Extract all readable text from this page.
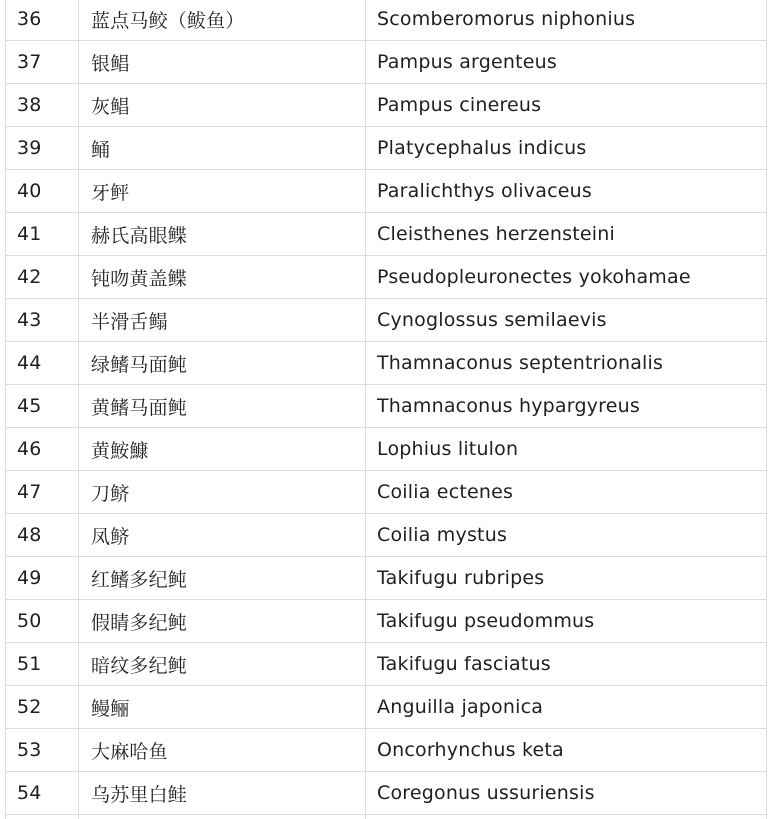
36	蓝点马鲛（鲅鱼）	Scomberomorus niphonius
37	银鲳	Pampus argenteus
38	灰鲳	Pampus cinereus
39	鲬	Platycephalus indicus
40	牙鲆	Paralichthys olivaceus
41	赫氏高眼鲽	Cleisthenes herzensteini
42	钝吻黄盖鲽	Pseudopleuronectes yokohamae
43	半滑舌鳎	Cynoglossus semilaevis
44	绿鳍马面鲀	Thamnaconus septentrionalis
45	黄鳍马面鲀	Thamnaconus hypargyreus
46	黄鮟鱇	Lophius litulon
47	刀鲚	Coilia ectenes
48	凤鲚	Coilia mystus
49	红鳍多纪鲀	Takifugu rubripes
50	假睛多纪鲀	Takifugu pseudommus
51	暗纹多纪鲀	Takifugu fasciatus
52	鳗鲡	Anguilla japonica
53	大麻哈鱼	Oncorhynchus keta
54	乌苏里白鲑	Coregonus ussuriensis
